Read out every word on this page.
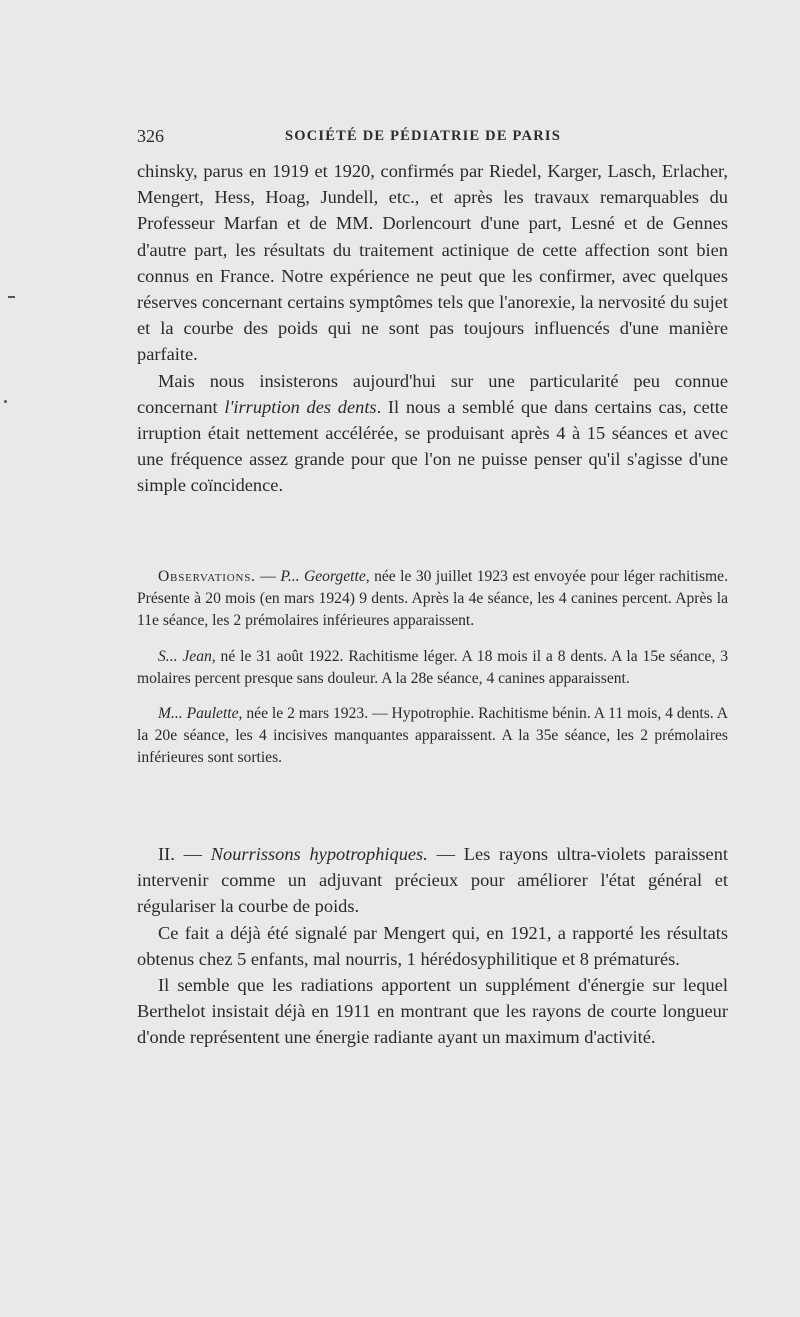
326	SOCIÉTÉ DE PÉDIATRIE DE PARIS

chinsky, parus en 1919 et 1920, confirmés par Riedel, Karger, Lasch, Erlacher, Mengert, Hess, Hoag, Jundell, etc., et après les travaux remarquables du Professeur Marfan et de MM. Dorlencourt d'une part, Lesné et de Gennes d'autre part, les résultats du traitement actinique de cette affection sont bien connus en France. Notre expérience ne peut que les confirmer, avec quelques réserves concernant certains symptômes tels que l'anorexie, la nervosité du sujet et la courbe des poids qui ne sont pas toujours influencés d'une manière parfaite.

Mais nous insisterons aujourd'hui sur une particularité peu connue concernant l'irruption des dents. Il nous a semblé que dans certains cas, cette irruption était nettement accélérée, se produisant après 4 à 15 séances et avec une fréquence assez grande pour que l'on ne puisse penser qu'il s'agisse d'une simple coïncidence.

Observations. — P... Georgette, née le 30 juillet 1923 est envoyée pour léger rachitisme. Présente à 20 mois (en mars 1924) 9 dents. Après la 4e séance, les 4 canines percent. Après la 11e séance, les 2 prémolaires inférieures apparaissent.

S... Jean, né le 31 août 1922. Rachitisme léger. A 18 mois il a 8 dents. A la 15e séance, 3 molaires percent presque sans douleur. A la 28e séance, 4 canines apparaissent.

M... Paulette, née le 2 mars 1923. — Hypotrophie. Rachitisme bénin. A 11 mois, 4 dents. A la 20e séance, les 4 incisives manquantes apparaissent. A la 35e séance, les 2 prémolaires inférieures sont sorties.

II. — Nourrissons hypotrophiques. — Les rayons ultra-violets paraissent intervenir comme un adjuvant précieux pour améliorer l'état général et régulariser la courbe de poids.

Ce fait a déjà été signalé par Mengert qui, en 1921, a rapporté les résultats obtenus chez 5 enfants, mal nourris, 1 hérédosyphilitique et 8 prématurés.

Il semble que les radiations apportent un supplément d'énergie sur lequel Berthelot insistait déjà en 1911 en montrant que les rayons de courte longueur d'onde représentent une énergie radiante ayant un maximum d'activité.
